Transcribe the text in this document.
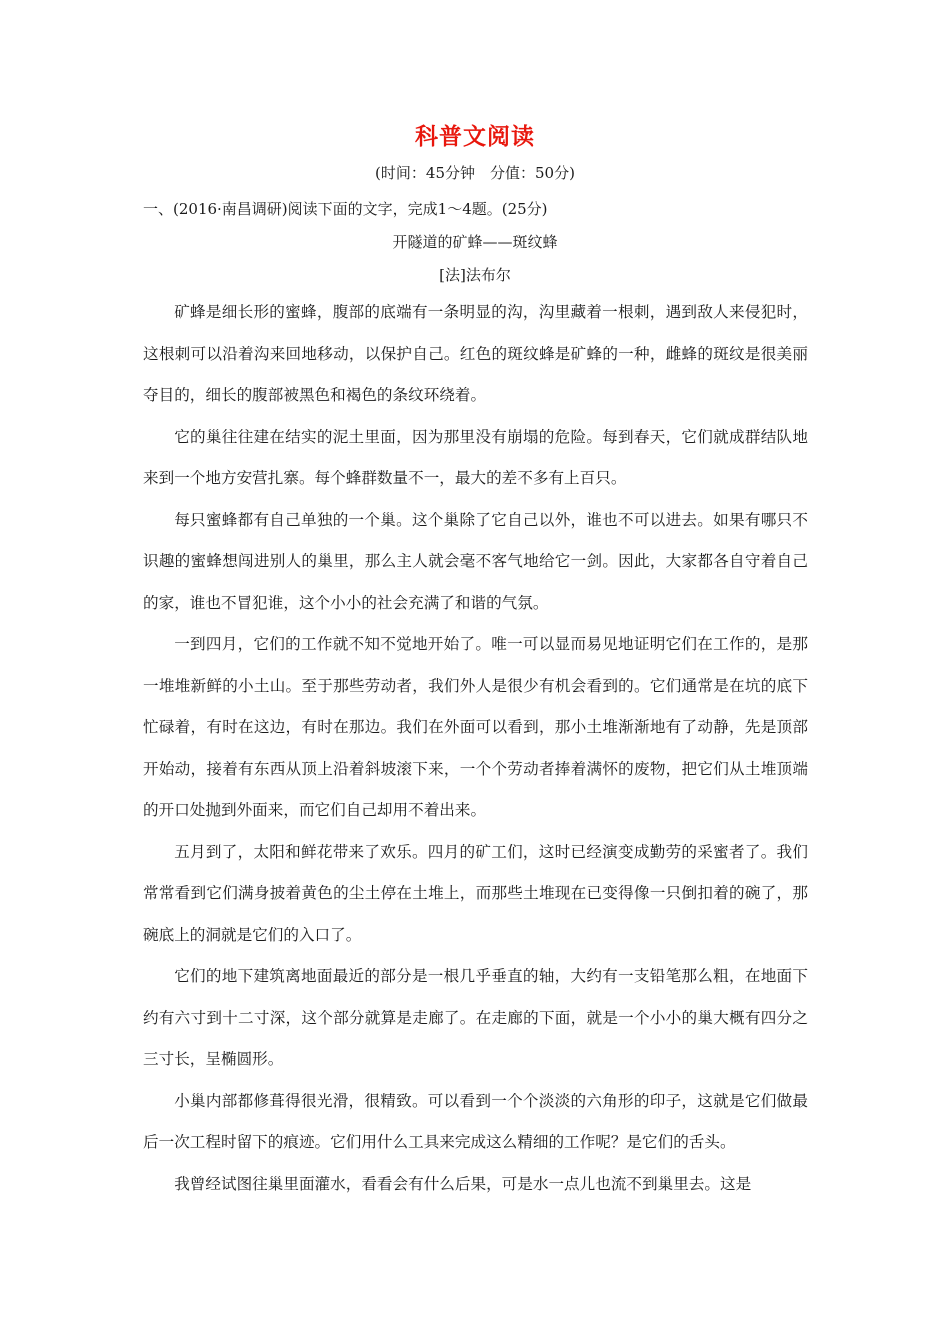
科普文阅读
(时间：45分钟　分值：50分)
一、(2016·南昌调研)阅读下面的文字，完成1～4题。(25分)
开隧道的矿蜂——斑纹蜂
[法]法布尔

矿蜂是细长形的蜜蜂，腹部的底端有一条明显的沟，沟里藏着一根刺，遇到敌人来侵犯时，这根刺可以沿着沟来回地移动，以保护自己。红色的斑纹蜂是矿蜂的一种，雌蜂的斑纹是很美丽夺目的，细长的腹部被黑色和褐色的条纹环绕着。

它的巢往往建在结实的泥土里面，因为那里没有崩塌的危险。每到春天，它们就成群结队地来到一个地方安营扎寨。每个蜂群数量不一，最大的差不多有上百只。

每只蜜蜂都有自己单独的一个巢。这个巢除了它自己以外，谁也不可以进去。如果有哪只不识趣的蜜蜂想闯进别人的巢里，那么主人就会毫不客气地给它一剑。因此，大家都各自守着自己的家，谁也不冒犯谁，这个小小的社会充满了和谐的气氛。

一到四月，它们的工作就不知不觉地开始了。唯一可以显而易见地证明它们在工作的，是那一堆堆新鲜的小土山。至于那些劳动者，我们外人是很少有机会看到的。它们通常是在坑的底下忙碌着，有时在这边，有时在那边。我们在外面可以看到，那小土堆渐渐地有了动静，先是顶部开始动，接着有东西从顶上沿着斜坡滚下来，一个个劳动者捧着满怀的废物，把它们从土堆顶端的开口处抛到外面来，而它们自己却用不着出来。

五月到了，太阳和鲜花带来了欢乐。四月的矿工们，这时已经演变成勤劳的采蜜者了。我们常常看到它们满身披着黄色的尘土停在土堆上，而那些土堆现在已变得像一只倒扣着的碗了，那碗底上的洞就是它们的入口了。

它们的地下建筑离地面最近的部分是一根几乎垂直的轴，大约有一支铅笔那么粗，在地面下约有六寸到十二寸深，这个部分就算是走廊了。在走廊的下面，就是一个小小的巢大概有四分之三寸长，呈椭圆形。

小巢内部都修葺得很光滑，很精致。可以看到一个个淡淡的六角形的印子，这就是它们做最后一次工程时留下的痕迹。它们用什么工具来完成这么精细的工作呢？是它们的舌头。

我曾经试图往巢里面灌水，看看会有什么后果，可是水一点儿也流不到巢里去。这是
